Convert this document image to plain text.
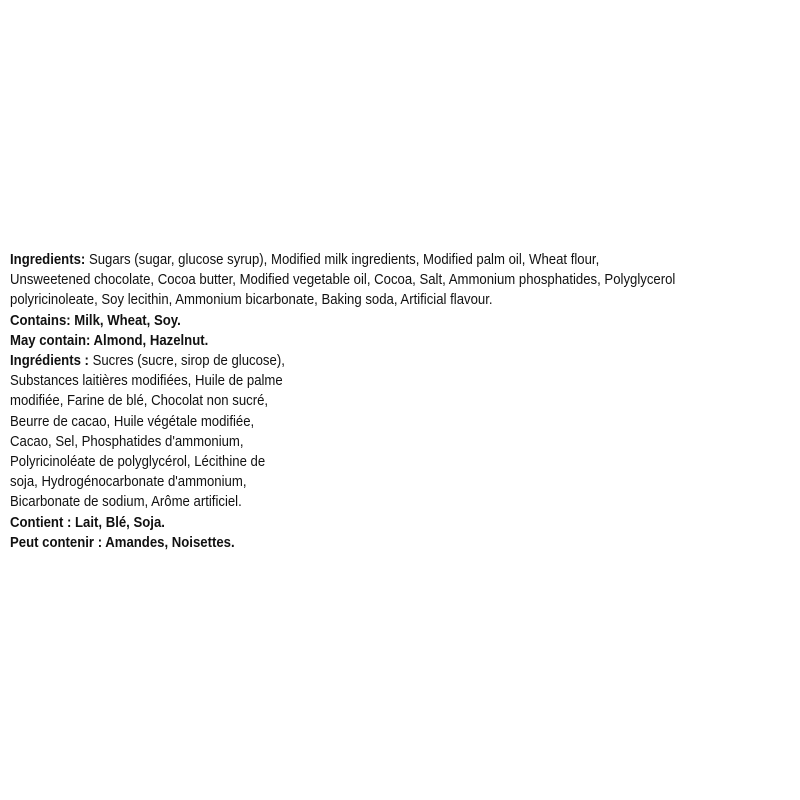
Ingredients: Sugars (sugar, glucose syrup), Modified milk ingredients, Modified palm oil, Wheat flour,
Unsweetened chocolate, Cocoa butter, Modified vegetable oil, Cocoa, Salt, Ammonium phosphatides, Polyglycerol
polyricinoleate, Soy lecithin, Ammonium bicarbonate, Baking soda, Artificial flavour.
Contains: Milk, Wheat, Soy.
May contain: Almond, Hazelnut.
Ingrédients : Sucres (sucre, sirop de glucose),
Substances laitières modifiées, Huile de palme
modifiée, Farine de blé, Chocolat non sucré,
Beurre de cacao, Huile végétale modifiée,
Cacao, Sel, Phosphatides d'ammonium,
Polyricinoléate de polyglycérol, Lécithine de
soja, Hydrogénocarbonate d'ammonium,
Bicarbonate de sodium, Arôme artificiel.
Contient : Lait, Blé, Soja.
Peut contenir : Amandes, Noisettes.
